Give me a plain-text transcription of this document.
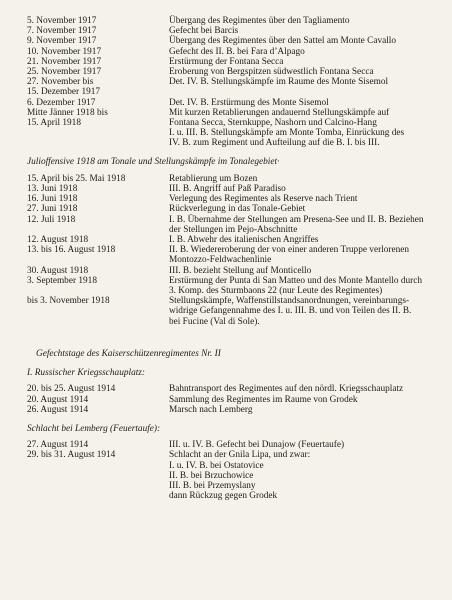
5. November 1917	Übergang des Regimentes über den Tagliamento
7. November 1917	Gefecht bei Barcis
9. November 1917	Übergang des Regimentes über den Sattel am Monte Cavallo
10. November 1917	Gefecht des II. B. bei Fara d’Alpago
21. November 1917	Erstürmung der Fontana Secca
25. November 1917	Eroberung von Bergspitzen südwestlich Fontana Secca
27. November bis	Det. IV. B. Stellungskämpfe im Raume des Monte Sisemol
15. Dezember 1917
6. Dezember 1917	Det. IV. B. Erstürmung des Monte Sisemol
Mitte Jänner 1918 bis	Mit kurzen Retablierungen andauernd Stellungskämpfe auf
15. April 1918	Fontana Secca, Sternkuppe, Nashorn und Calcino-Hang
I. u. III. B. Stellungskämpfe am Monte Tomba, Einrückung des
IV. B. zum Regiment und Aufteilung auf die B. I. bis III.
Julioffensive 1918 am Tonale und Stellungskämpfe im Tonalegebiet·
15. April bis 25. Mai 1918	Retablierung um Bozen
13. Juni 1918	III. B. Angriff auf Paß Paradiso
16. Juni 1918	Verlegung des Regimentes als Reserve nach Trient
27. Juni 1918	Rückverlegung in das Tonale-Gebiet
12. Juli 1918	I. B. Übernahme der Stellungen am Presena-See und II. B. Beziehen
der Stellungen im Pejo-Abschnitte
12. August 1918	I. B. Abwehr des italienischen Angriffes
13. bis 16. August 1918	II. B. Wiedereroberung der von einer anderen Truppe verlorenen
Montozzo-Feldwachenlinie
30. August 1918	III. B. bezieht Stellung auf Monticello
3. September 1918	Erstürmung der Punta di San Matteo und des Monte Mantello durch
3. Komp. des Sturmbaons 22 (nur Leute des Regimentes)
bis 3. November 1918	Stellungskämpfe, Waffenstillstandsanordnungen, vereinbarungs-
widrige Gefangennahme des I. u. III. B. und von Teilen des II. B.
bei Fucine (Val di Sole).
Gefechtstage des Kaiserschützenregimentes Nr. II
I. Russischer Kriegsschauplatz:
20. bis 25. August 1914	Bahntransport des Regimentes auf den nördl. Kriegsschauplatz
20. August 1914	Sammlung des Regimentes im Raume von Grodek
26. August 1914	Marsch nach Lemberg
Schlacht bei Lemberg (Feuertaufe):
27. August 1914	III. u. IV. B. Gefecht bei Dunajow (Feuertaufe)
29. bis 31. August 1914	Schlacht an der Gnila Lipa, und zwar:
I. u. IV. B. bei Ostatovice
II. B. bei Brzuchowice
III. B. bei Przemyslany
dann Rückzug gegen Grodek
